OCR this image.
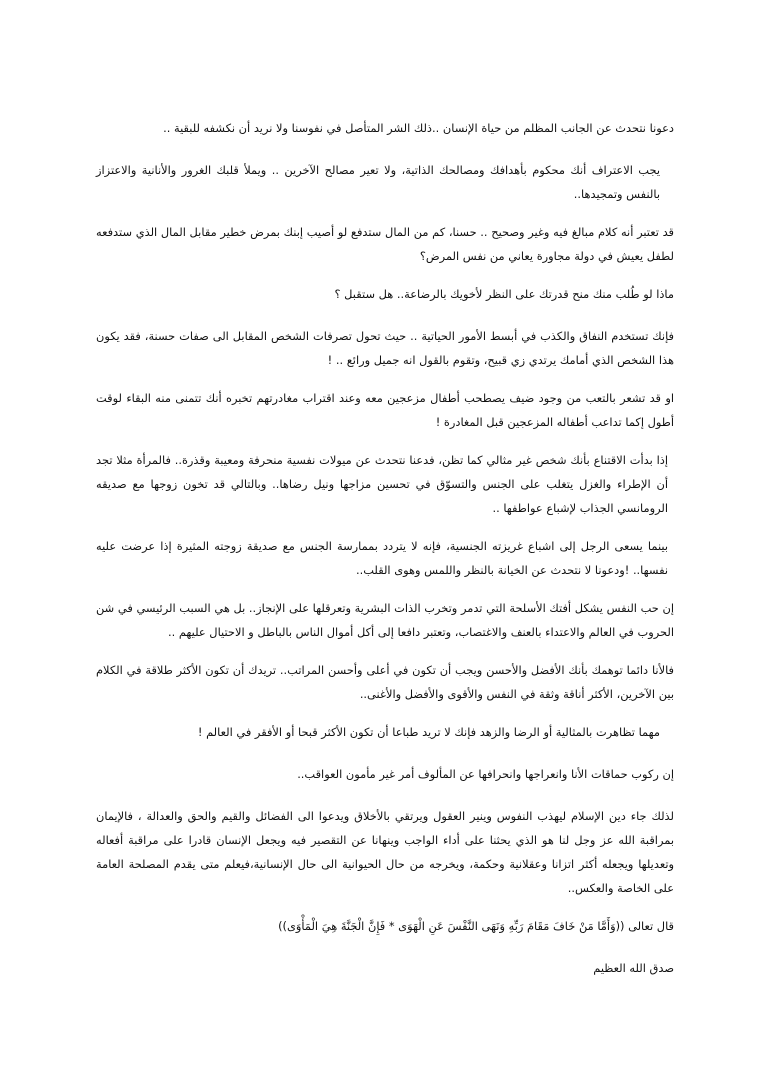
دعونا نتحدث عن الجانب المظلم من حياة الإنسان ..ذلك الشر المتأصل في نفوسنا ولا نريد أن نكشفه للبقية ..

يجب الاعتراف أنك محكوم بأهدافك ومصالحك الذاتية، ولا تعير مصالح الآخرين .. ويملأ قلبك الغرور والأنانية والاعتزاز بالنفس وتمجيدها..

قد تعتبر أنه كلام مبالغ فيه وغير وصحيح .. حسنا، كم من المال ستدفع لو أصيب إبنك بمرض خطير مقابل المال الذي ستدفعه لطفل يعيش في دولة مجاورة يعاني من نفس المرض؟

ماذا لو طُلب منك منح قدرتك على النظر لأخويك بالرضاعة.. هل ستقبل ؟

فإنك تستخدم النفاق والكذب في أبسط الأمور الحياتية .. حيث تحول تصرفات الشخص المقابل الى صفات حسنة، فقد يكون هذا الشخص الذي أمامك يرتدي زي قبيح، وتقوم بالقول انه جميل ورائع .. !

او قد تشعر بالتعب من وجود ضيف يصطحب أطفال مزعجين معه وعند اقتراب مغادرتهم تخبره أنك تتمنى منه البقاء لوقت أطول إكما تداعب أطفاله المزعجين قبل المغادرة !

إذا بدأت الاقتناع بأنك شخص غير مثالي كما تظن، فدعنا نتحدث عن ميولات نفسية منحرفة ومعيبة وقذرة.. فالمرأة مثلا تجد أن الإطراء والغزل يتغلب على الجنس والتسوّق في تحسين مزاجها ونيل رضاها.. وبالتالي قد تخون زوجها مع صديقه الرومانسي الجذاب لإشباع عواطفها ..

بينما يسعى الرجل إلى اشباع غريزته الجنسية، فإنه لا يتردد بممارسة الجنس مع صديقة زوجته المثيرة إذا عرضت عليه نفسها.. !ودعونا لا نتحدث عن الخيانة بالنظر واللمس وهوى القلب..

إن حب النفس يشكل أفتك الأسلحة التي تدمر وتخرب الذات البشرية وتعرقلها على الإنجاز.. بل هي السبب الرئيسي في شن الحروب في العالم والاعتداء بالعنف والاغتصاب، وتعتبر دافعا إلى أكل أموال الناس بالباطل و الاحتيال عليهم ..

فالأنا دائما توهمك بأنك الأفضل والأحسن ويجب أن تكون في أعلى وأحسن المراتب.. تريدك أن تكون الأكثر طلاقة في الكلام بين الآخرين، الأكثر أناقة وثقة في النفس والأقوى والأفضل والأغنى..

مهما تظاهرت بالمثالية أو الرضا والزهد فإنك لا تريد طباعا أن تكون الأكثر قبحا أو الأفقر في العالم !

إن ركوب حماقات الأنا وانعراجها وانحرافها عن المألوف أمر غير مأمون العواقب..

لذلك جاء دين الإسلام ليهذب النفوس وينير العقول ويرتقي بالأخلاق ويدعوا الى الفضائل والقيم والحق والعدالة ، فالإيمان بمراقبة الله عز وجل لنا هو الذي يحثنا على أداء الواجب وينهانا عن التقصير فيه ويجعل الإنسان قادرا على مراقبة أفعاله وتعديلها ويجعله أكثر اتزانا وعقلانية وحكمة، ويخرجه من حال الحيوانية الى حال الإنسانية،فيعلم متى يقدم المصلحة العامة على الخاصة والعكس..

قال تعالى ((وَأَمَّا مَنْ خَافَ مَقَامَ رَبِّهِ وَنَهَى النَّفْسَ عَنِ الْهَوَى * فَإِنَّ الْجَنَّةَ هِيَ الْمَأْوَى))

صدق الله العظيم
